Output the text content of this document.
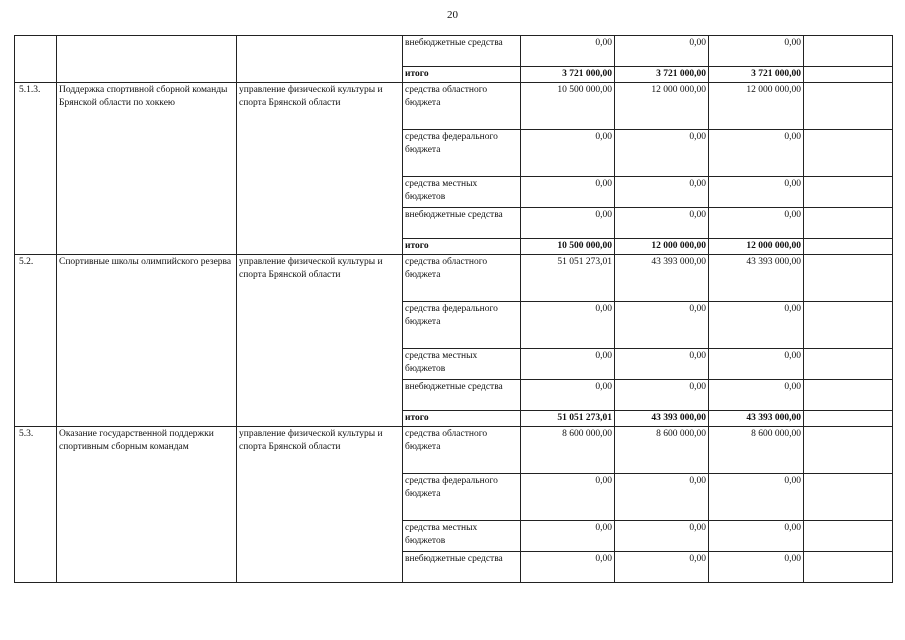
20
			внебюджетные средства	0,00	0,00	0,00	
			итого	3 721 000,00	3 721 000,00	3 721 000,00	
5.1.3.	Поддержка спортивной сборной команды Брянской области по хоккею	управление физической культуры и спорта Брянской области	средства областного бюджета	10 500 000,00	12 000 000,00	12 000 000,00	
			средства федерального бюджета	0,00	0,00	0,00	
			средства местных бюджетов	0,00	0,00	0,00	
			внебюджетные средства	0,00	0,00	0,00	
			итого	10 500 000,00	12 000 000,00	12 000 000,00	
5.2.	Спортивные школы олимпийского резерва	управление физической культуры и спорта Брянской области	средства областного бюджета	51 051 273,01	43 393 000,00	43 393 000,00	
			средства федерального бюджета	0,00	0,00	0,00	
			средства местных бюджетов	0,00	0,00	0,00	
			внебюджетные средства	0,00	0,00	0,00	
			итого	51 051 273,01	43 393 000,00	43 393 000,00	
5.3.	Оказание государственной поддержки спортивным сборным командам	управление физической культуры и спорта Брянской области	средства областного бюджета	8 600 000,00	8 600 000,00	8 600 000,00	
			средства федерального бюджета	0,00	0,00	0,00	
			средства местных бюджетов	0,00	0,00	0,00	
			внебюджетные средства	0,00	0,00	0,00	
